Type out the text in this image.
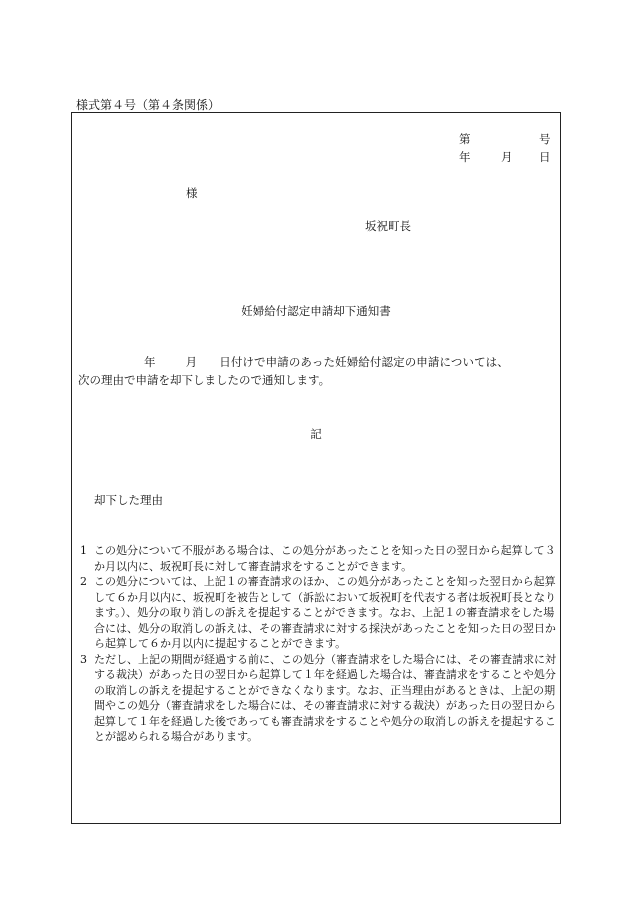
様式第４号（第４条関係）
第	号
年	月 日
様
坂祝町長
妊婦給付認定申請却下通知書
年	月 日付けで申請のあった妊婦給付認定の申請については、
次の理由で申請を却下しましたので通知します。
記
却下した理由
1 この処分について不服がある場合は、この処分があったことを知った日の翌日から起算して３か月以内に、坂祝町長に対して審査請求をすることができます。
2 この処分については、上記１の審査請求のほか、この処分があったことを知った翌日から起算して６か月以内に、坂祝町を被告として（訴訟において坂祝町を代表する者は坂祝町長となります。）、処分の取り消しの訴えを提起することができます。なお、上記１の審査請求をした場合には、処分の取消しの訴えは、その審査請求に対する採決があったことを知った日の翌日から起算して６か月以内に提起することができます。
3 ただし、上記の期間が経過する前に、この処分（審査請求をした場合には、その審査請求に対する裁決）があった日の翌日から起算して１年を経過した場合は、審査請求をすることや処分の取消しの訴えを提起することができなくなります。なお、正当理由があるときは、上記の期間やこの処分（審査請求をした場合には、その審査請求に対する裁決）があった日の翌日から起算して１年を経過した後であっても審査請求をすることや処分の取消しの訴えを提起することが認められる場合があります。
